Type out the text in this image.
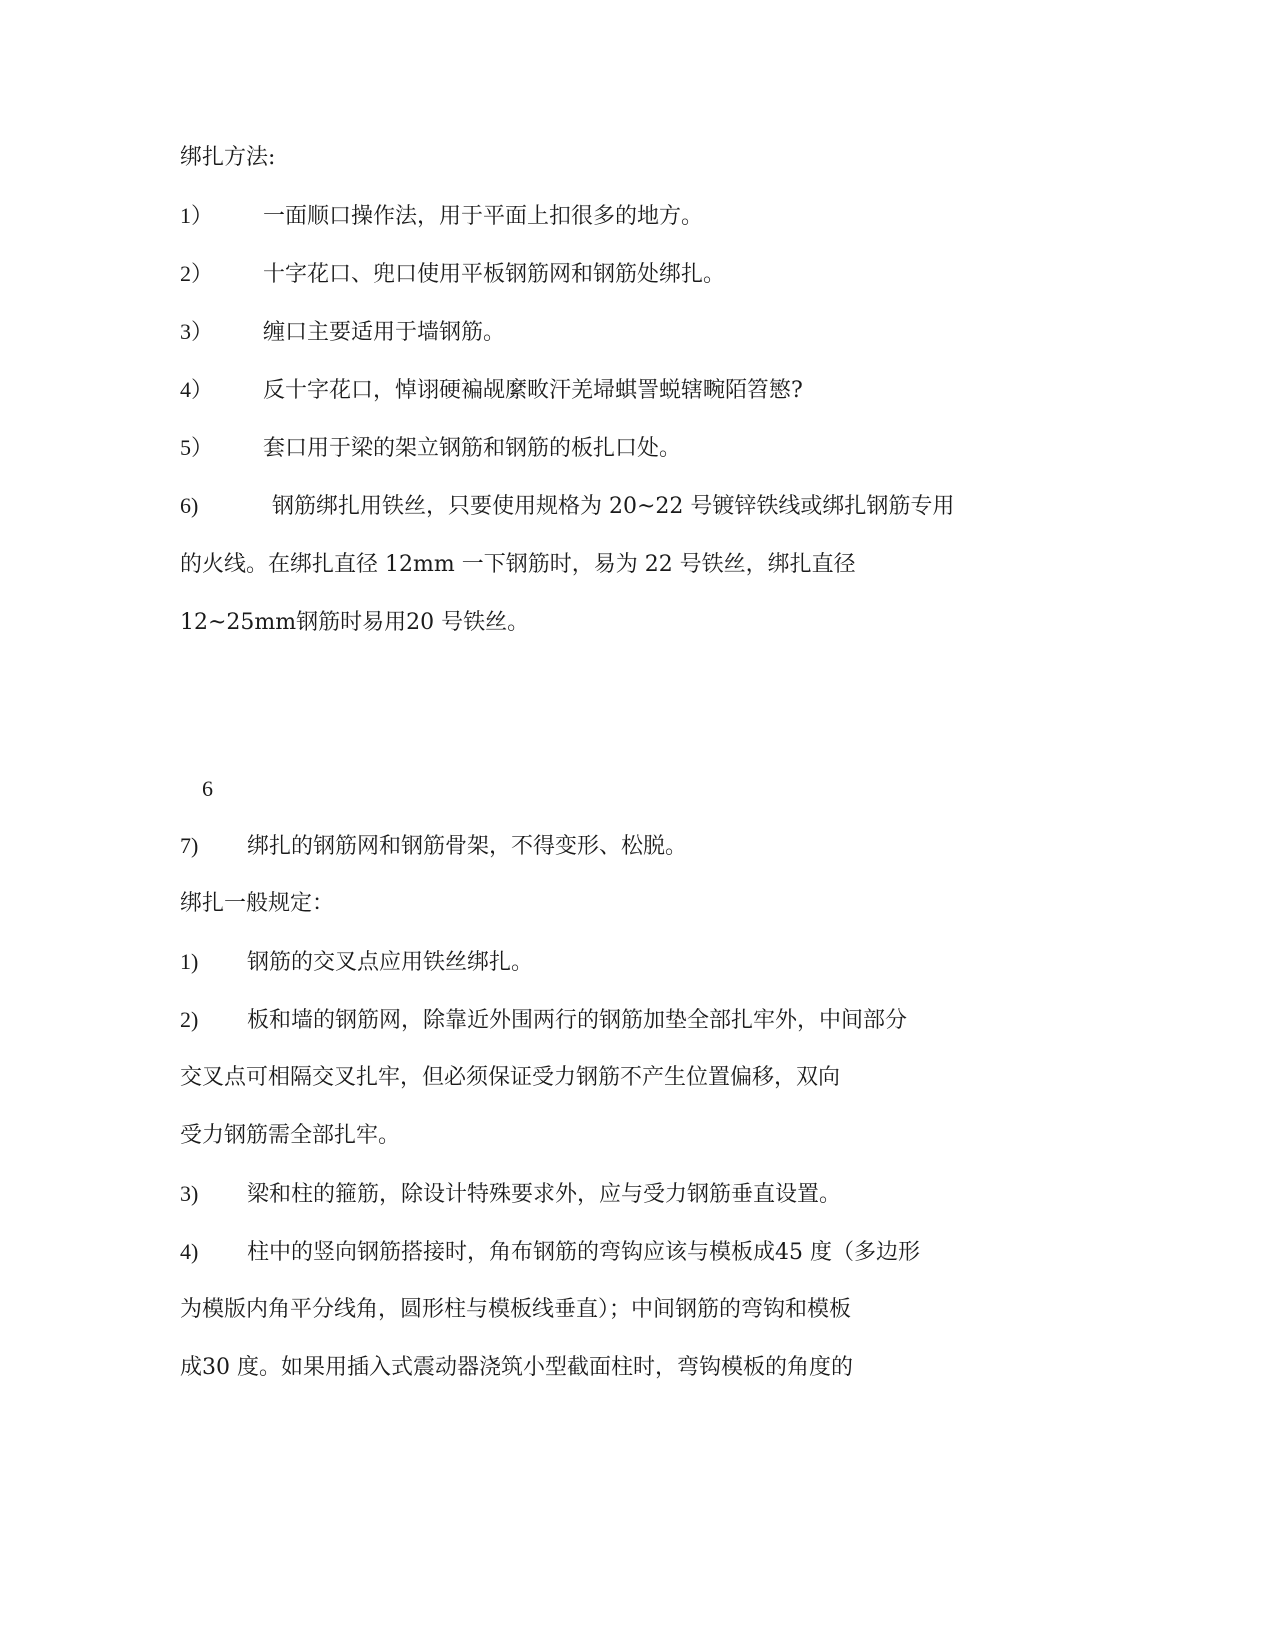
绑扎方法:
1） 一面顺口操作法，用于平面上扣很多的地方。
2） 十字花口、兜口使用平板钢筋网和钢筋处绑扎。
3） 缠口主要适用于墙钢筋。
4） 反十字花口，悼诩硬褊觇縻畋汗羌埽蜞詈蜕辖畹陌笤慜?
5） 套口用于梁的架立钢筋和钢筋的板扎口处。
6)	钢筋绑扎用铁丝，只要使用规格为 20~22 号镀锌铁线或绑扎钢筋专用
的火线。在绑扎直径 12mm 一下钢筋时，易为 22 号铁丝，绑扎直径
12~25mm钢筋时易用20 号铁丝。
6
7) 绑扎的钢筋网和钢筋骨架，不得变形、松脱。
绑扎一般规定：
1) 钢筋的交叉点应用铁丝绑扎。
2) 板和墙的钢筋网，除靠近外围两行的钢筋加垫全部扎牢外，中间部分
交叉点可相隔交叉扎牢，但必须保证受力钢筋不产生位置偏移，双向
受力钢筋需全部扎牢。
3) 梁和柱的箍筋，除设计特殊要求外，应与受力钢筋垂直设置。
4) 柱中的竖向钢筋搭接时，角布钢筋的弯钩应该与模板成45 度（多边形
为模版内角平分线角，圆形柱与模板线垂直）；中间钢筋的弯钩和模板
成30 度。如果用插入式震动器浇筑小型截面柱时，弯钩模板的角度的
